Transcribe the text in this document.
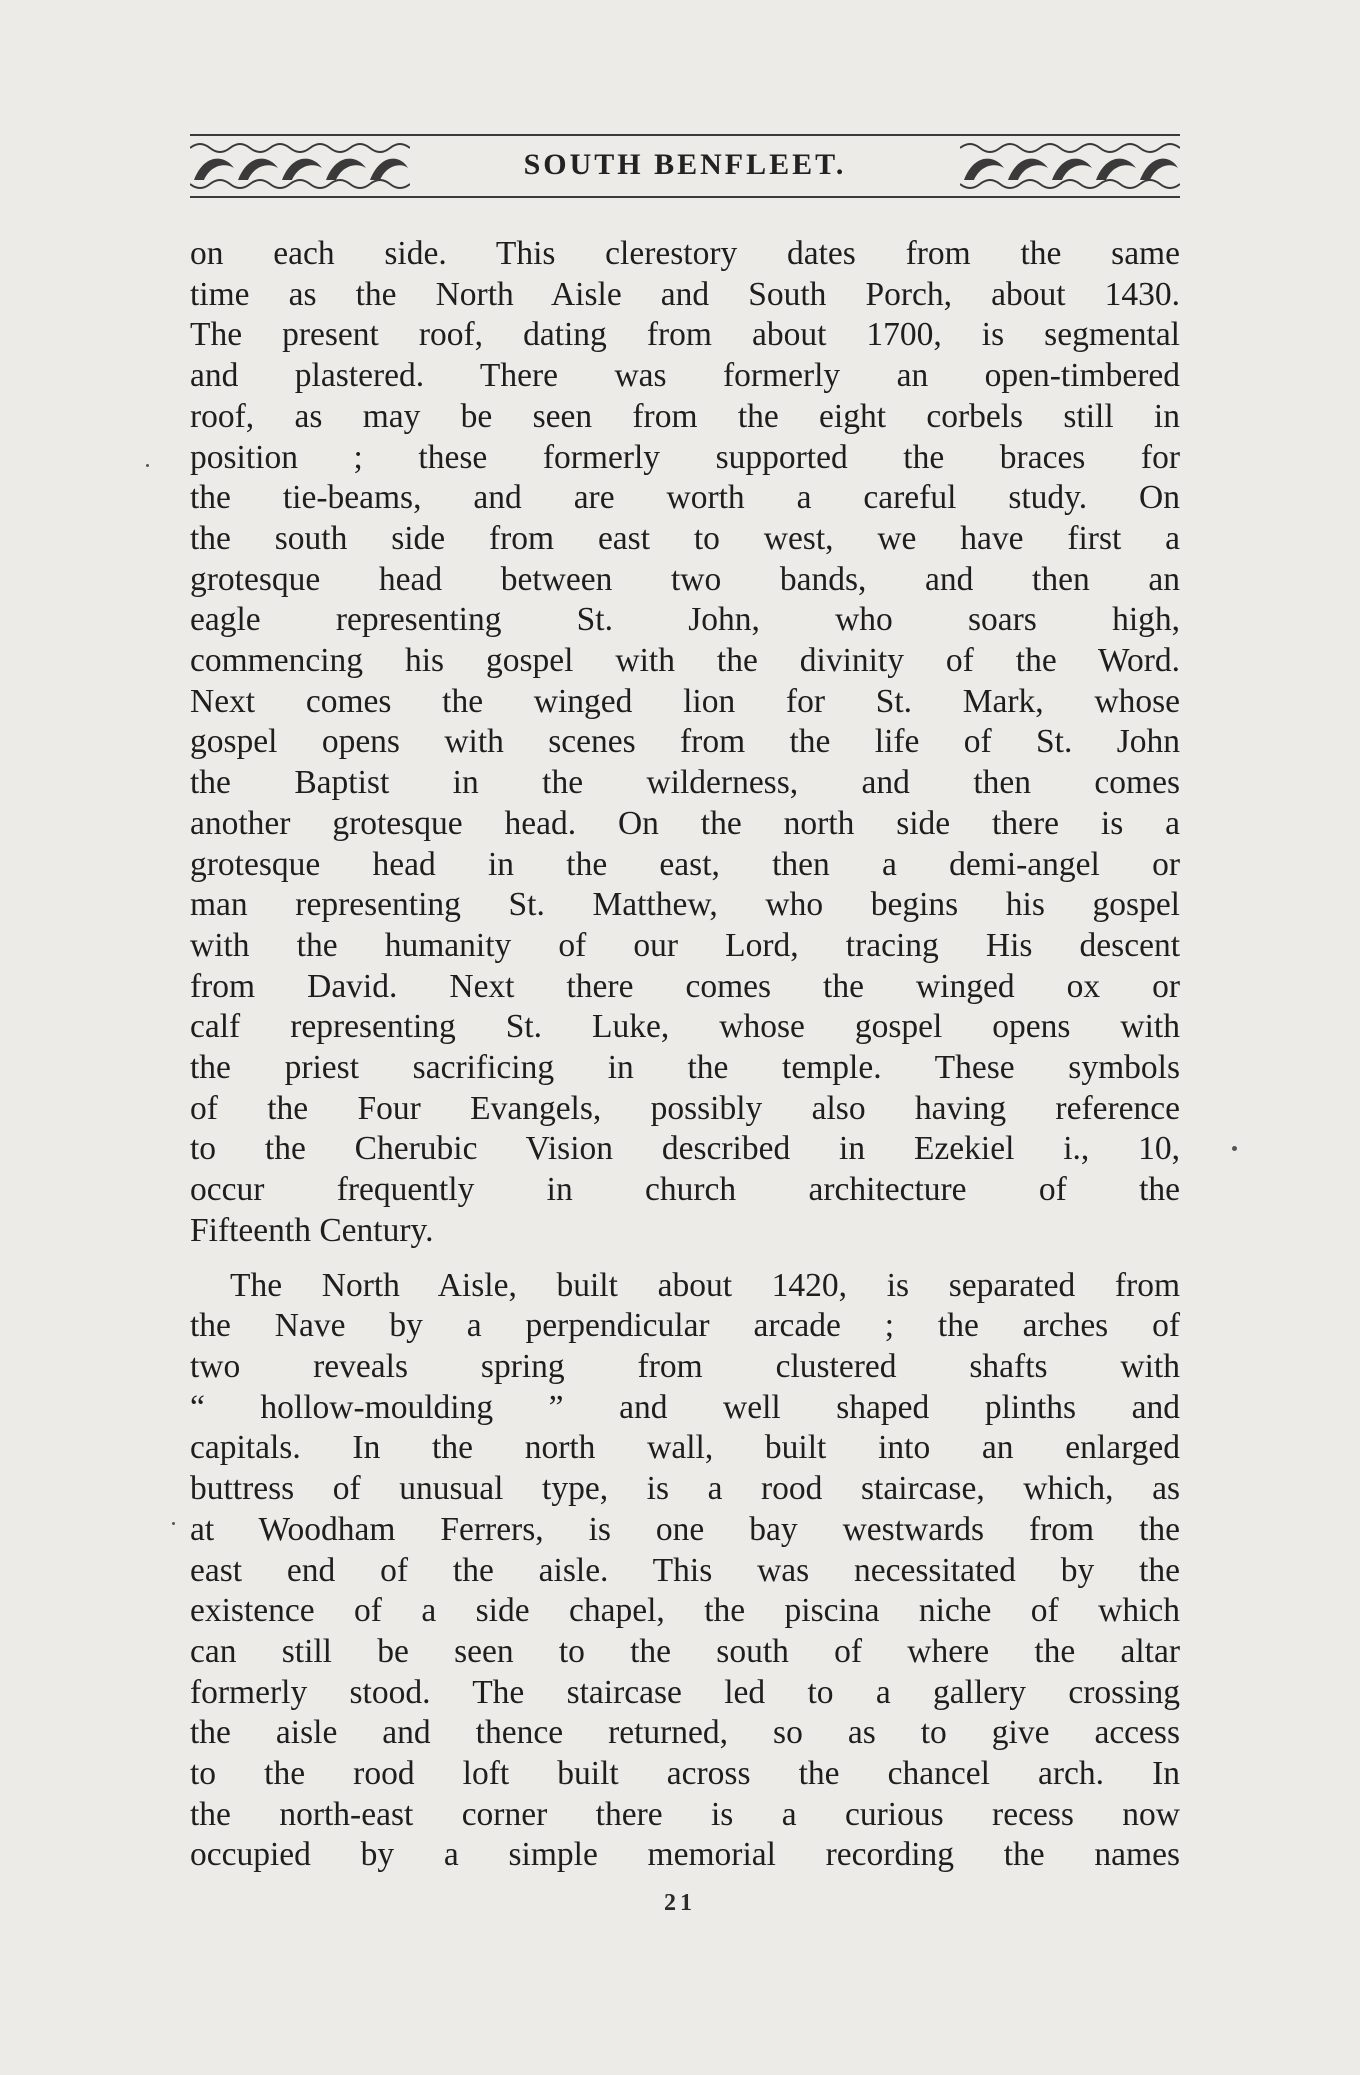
SOUTH BENFLEET.

on each side. This clerestory dates from the same

time as the North Aisle and South Porch, about 1430.

The present roof, dating from about 1700, is segmental

and plastered. There was formerly an open-timbered

roof, as may be seen from the eight corbels still in

position ; these formerly supported the braces for

the tie-beams, and are worth a careful study. On

the south side from east to west, we have first a

grotesque head between two bands, and then an

eagle representing St. John, who soars high,

commencing his gospel with the divinity of the Word.

Next comes the winged lion for St. Mark, whose

gospel opens with scenes from the life of St. John

the Baptist in the wilderness, and then comes

another grotesque head. On the north side there is a

grotesque head in the east, then a demi-angel or

man representing St. Matthew, who begins his gospel

with the humanity of our Lord, tracing His descent

from David. Next there comes the winged ox or

calf representing St. Luke, whose gospel opens with

the priest sacrificing in the temple. These symbols

of the Four Evangels, possibly also having reference

to the Cherubic Vision described in Ezekiel i., 10,

occur frequently in church architecture of the

Fifteenth Century.

The North Aisle, built about 1420, is separated from

the Nave by a perpendicular arcade ; the arches of

two reveals spring from clustered shafts with

“ hollow-moulding ” and well shaped plinths and

capitals. In the north wall, built into an enlarged

buttress of unusual type, is a rood staircase, which, as

at Woodham Ferrers, is one bay westwards from the

east end of the aisle. This was necessitated by the

existence of a side chapel, the piscina niche of which

can still be seen to the south of where the altar

formerly stood. The staircase led to a gallery crossing

the aisle and thence returned, so as to give access

to the rood loft built across the chancel arch. In

the north-east corner there is a curious recess now

occupied by a simple memorial recording the names

21
